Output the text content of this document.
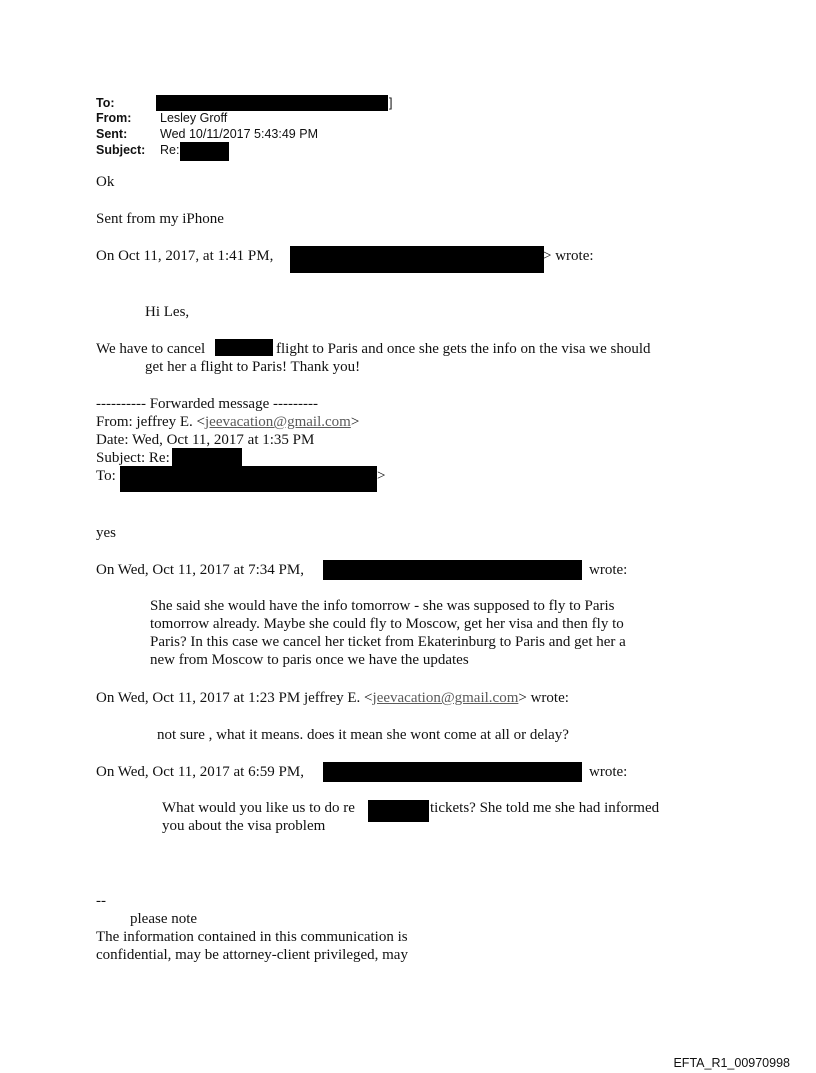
To:	]
From: Lesley Groff
Sent:	Wed 10/11/2017 5:43:49 PM
Subject: Re:
Ok
Sent from my iPhone
On Oct 11, 2017, at 1:41 PM,	> wrote:
Hi Les,
We have to cancel	flight to Paris and once she gets the info on the visa we should
get her a flight to Paris! Thank you!
---------- Forwarded message ---------
From: jeffrey E. <jeevacation@gmail.com>
Date: Wed, Oct 11, 2017 at 1:35 PM
Subject: Re:
To:	>
yes
On Wed, Oct 11, 2017 at 7:34 PM,	wrote:
She said she would have the info tomorrow - she was supposed to fly to Paris
tomorrow already. Maybe she could fly to Moscow, get her visa and then fly to
Paris? In this case we cancel her ticket from Ekaterinburg to Paris and get her a
new from Moscow to paris once we have the updates
On Wed, Oct 11, 2017 at 1:23 PM jeffrey E. <jeevacation@gmail.com> wrote:
not sure , what it means. does it mean she wont come at all or delay?
On Wed, Oct 11, 2017 at 6:59 PM,	wrote:
What would you like us to do re	tickets? She told me she had informed
you about the visa problem
--
please note
The information contained in this communication is
confidential, may be attorney-client privileged, may
EFTA_R1_00970998
